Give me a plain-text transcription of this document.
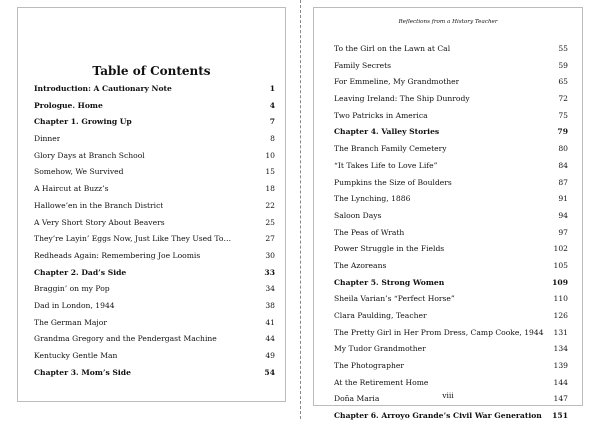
Table of Contents
Introduction: A Cautionary Note	1
Prologue. Home	4
Chapter 1. Growing Up	7
Dinner	8
Glory Days at Branch School	10
Somehow, We Survived	15
A Haircut at Buzz’s	18
Hallowe’en in the Branch District	22
A Very Short Story About Beavers	25
They’re Layin’ Eggs Now, Just Like They Used To…	27
Redheads Again: Remembering Joe Loomis	30
Chapter 2. Dad’s Side	33
Braggin’ on my Pop	34
Dad in London, 1944	38
The German Major	41
Grandma Gregory and the Pendergast Machine	44
Kentucky Gentle Man	49
Chapter 3. Mom’s Side	54
Reflections from a History Teacher
To the Girl on the Lawn at Cal	55
Family Secrets	59
For Emmeline, My Grandmother	65
Leaving Ireland: The Ship Dunrody	72
Two Patricks in America	75
Chapter 4. Valley Stories	79
The Branch Family Cemetery	80
“It Takes Life to Love Life”	84
Pumpkins the Size of Boulders	87
The Lynching, 1886	91
Saloon Days	94
The Peas of Wrath	97
Power Struggle in the Fields	102
The Azoreans	105
Chapter 5. Strong Women	109
Sheila Varian’s “Perfect Horse”	110
Clara Paulding, Teacher	126
The Pretty Girl in Her Prom Dress, Camp Cooke, 1944 131
My Tudor Grandmother	134
The Photographer	139
At the Retirement Home	144
Doña Maria	147
Chapter 6. Arroyo Grande’s Civil War Generation 151
viii
